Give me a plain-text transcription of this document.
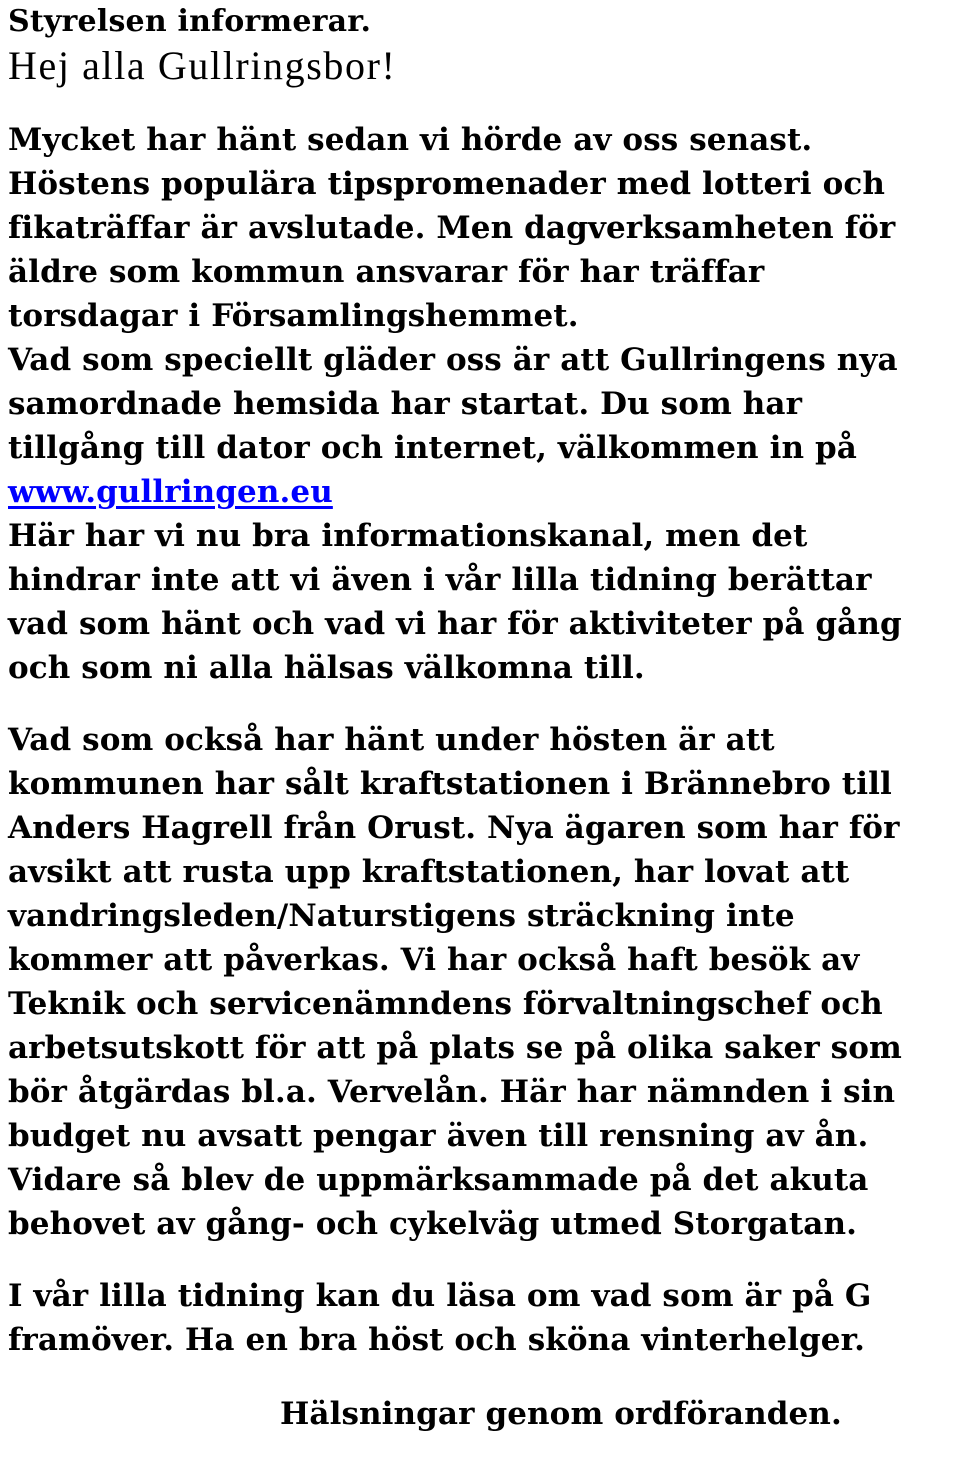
Styrelsen informerar.
Hej alla Gullringsbor!
Mycket har hänt sedan vi hörde av oss senast.
Höstens populära tipspromenader med lotteri och
fikaträffar är avslutade. Men dagverksamheten för
äldre som kommun ansvarar för har träffar
torsdagar i Församlingshemmet.
Vad som speciellt gläder oss är att Gullringens nya
samordnade hemsida har startat. Du som har
tillgång till dator och internet, välkommen in på
www.gullringen.eu
Här har vi nu bra informationskanal, men det
hindrar inte att vi även i vår lilla tidning berättar
vad som hänt och vad vi har för aktiviteter på gång
och som ni alla hälsas välkomna till.
Vad som också har hänt under hösten är att
kommunen har sålt kraftstationen i Brännebro till
Anders Hagrell från Orust. Nya ägaren som har för
avsikt att rusta upp kraftstationen, har lovat att
vandringsleden/Naturstigens sträckning inte
kommer att påverkas. Vi har också haft besök av
Teknik och servicenämndens förvaltningschef och
arbetsutskott för att på plats se på olika saker som
bör åtgärdas bl.a. Vervelån. Här har nämnden i sin
budget nu avsatt pengar även till rensning av ån.
Vidare så blev de uppmärksammade på det akuta
behovet av gång- och cykelväg utmed Storgatan.
I vår lilla tidning kan du läsa om vad som är på G
framöver. Ha en bra höst och sköna vinterhelger.
Hälsningar genom ordföranden.
